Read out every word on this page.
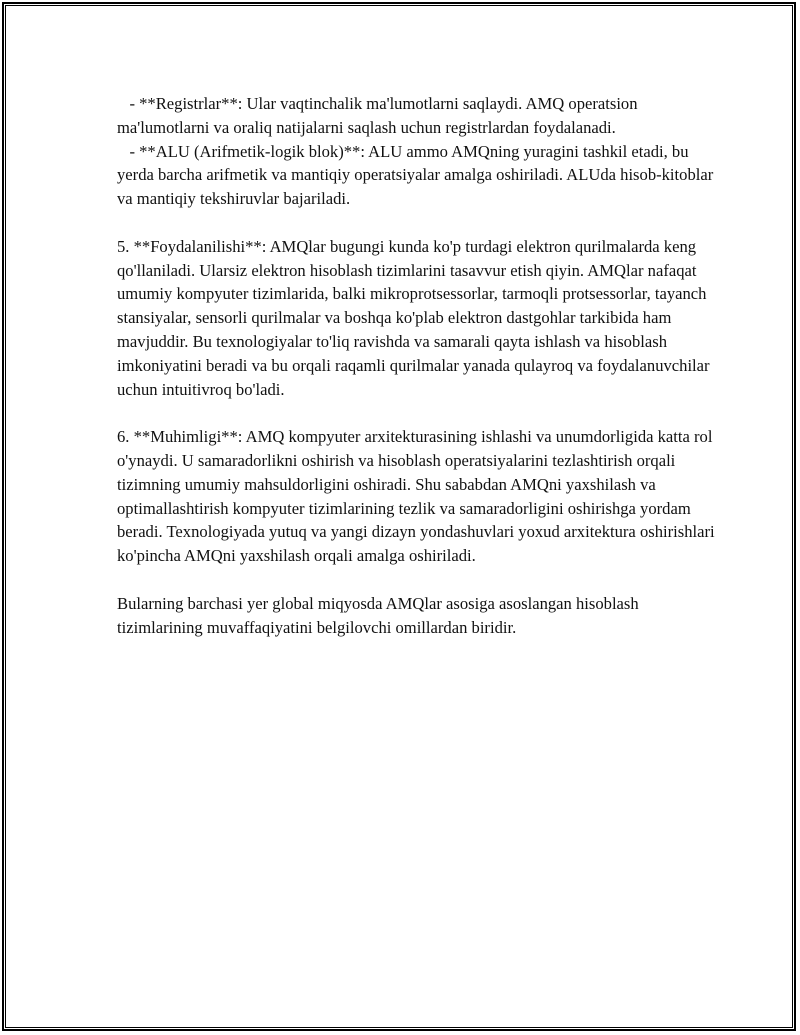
- **Registrlar**: Ular vaqtinchalik ma'lumotlarni saqlaydi. AMQ operatsion ma'lumotlarni va oraliq natijalarni saqlash uchun registrlardan foydalanadi.

- **ALU (Arifmetik-logik blok)**: ALU ammo AMQning yuragini tashkil etadi, bu yerda barcha arifmetik va mantiqiy operatsiyalar amalga oshiriladi. ALUda hisob-kitoblar va mantiqiy tekshiruvlar bajariladi.

5. **Foydalanilishi**: AMQlar bugungi kunda ko'p turdagi elektron qurilmalarda keng qo'llaniladi. Ularsiz elektron hisoblash tizimlarini tasavvur etish qiyin. AMQlar nafaqat umumiy kompyuter tizimlarida, balki mikroprotsessorlar, tarmoqli protsessorlar, tayanch stansiyalar, sensorli qurilmalar va boshqa ko'plab elektron dastgohlar tarkibida ham mavjuddir. Bu texnologiyalar to'liq ravishda va samarali qayta ishlash va hisoblash imkoniyatini beradi va bu orqali raqamli qurilmalar yanada qulayroq va foydalanuvchilar uchun intuitivroq bo'ladi.

6. **Muhimligi**: AMQ kompyuter arxitekturasining ishlashi va unumdorligida katta rol o'ynaydi. U samaradorlikni oshirish va hisoblash operatsiyalarini tezlashtirish orqali tizimning umumiy mahsuldorligini oshiradi. Shu sababdan AMQni yaxshilash va optimallashtirish kompyuter tizimlarining tezlik va samaradorligini oshirishga yordam beradi. Texnologiyada yutuq va yangi dizayn yondashuvlari yoxud arxitektura oshirishlari ko'pincha AMQni yaxshilash orqali amalga oshiriladi.

Bularning barchasi yer global miqyosda AMQlar asosiga asoslangan hisoblash tizimlarining muvaffaqiyatini belgilovchi omillardan biridir.
